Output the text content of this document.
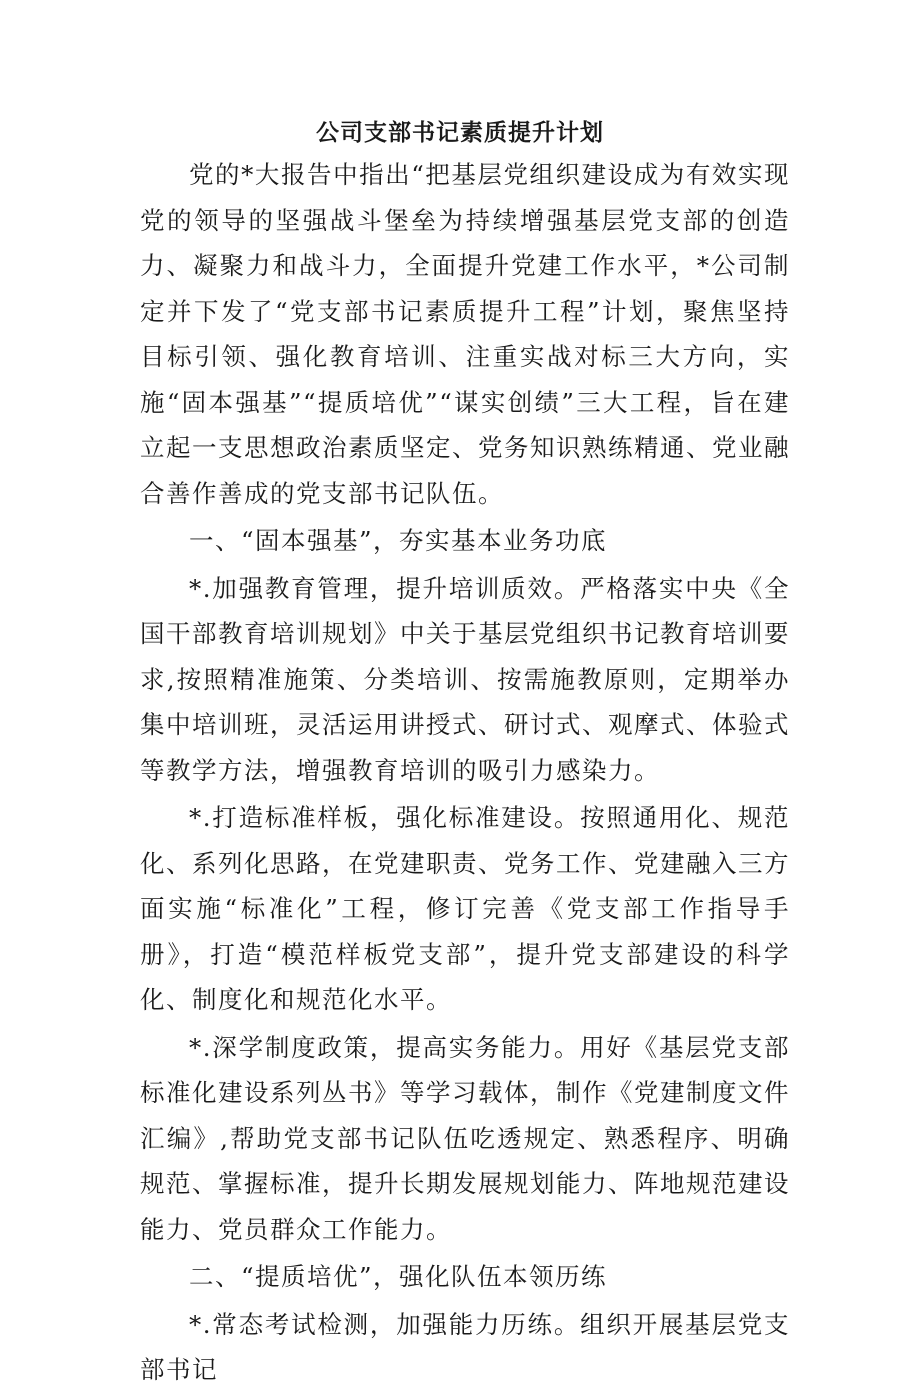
公司支部书记素质提升计划

党的*大报告中指出“把基层党组织建设成为有效实现党的领导的坚强战斗堡垒为持续增强基层党支部的创造力、凝聚力和战斗力，全面提升党建工作水平，*公司制定并下发了“党支部书记素质提升工程”计划，聚焦坚持目标引领、强化教育培训、注重实战对标三大方向，实施“固本强基”“提质培优”“谋实创绩”三大工程，旨在建立起一支思想政治素质坚定、党务知识熟练精通、党业融合善作善成的党支部书记队伍。

一、“固本强基”，夯实基本业务功底

*.加强教育管理，提升培训质效。严格落实中央《全国干部教育培训规划》中关于基层党组织书记教育培训要求,按照精准施策、分类培训、按需施教原则，定期举办集中培训班，灵活运用讲授式、研讨式、观摩式、体验式等教学方法，增强教育培训的吸引力感染力。

*.打造标准样板，强化标准建设。按照通用化、规范化、系列化思路，在党建职责、党务工作、党建融入三方面实施“标准化”工程，修订完善《党支部工作指导手册》，打造“模范样板党支部”，提升党支部建设的科学化、制度化和规范化水平。

*.深学制度政策，提高实务能力。用好《基层党支部标准化建设系列丛书》等学习载体，制作《党建制度文件汇编》,帮助党支部书记队伍吃透规定、熟悉程序、明确规范、掌握标准，提升长期发展规划能力、阵地规范建设能力、党员群众工作能力。

二、“提质培优”，强化队伍本领历练

*.常态考试检测，加强能力历练。组织开展基层党支部书记
